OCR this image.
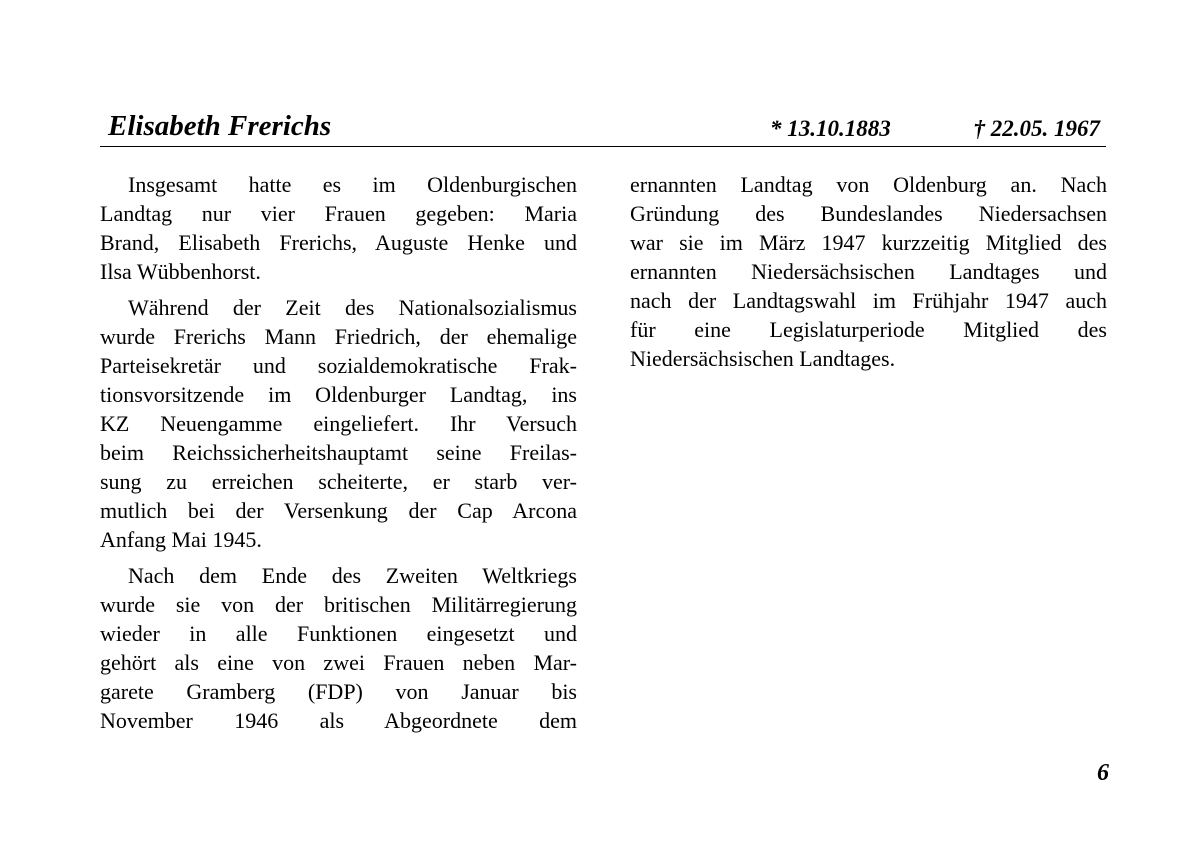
Elisabeth Frerichs	* 13.10.1883	† 22.05. 1967
Insgesamt hatte es im Oldenburgischen
Landtag nur vier Frauen gegeben: Maria
Brand, Elisabeth Frerichs, Auguste Henke und
Ilsa Wübbenhorst.
Während der Zeit des Nationalsozialismus
wurde Frerichs Mann Friedrich, der ehemalige
Parteisekretär und sozialdemokratische Frak-
tionsvorsitzende im Oldenburger Landtag, ins
KZ Neuengamme eingeliefert. Ihr Versuch
beim Reichssicherheitshauptamt seine Freilas-
sung zu erreichen scheiterte, er starb ver-
mutlich bei der Versenkung der Cap Arcona
Anfang Mai 1945.
Nach dem Ende des Zweiten Weltkriegs
wurde sie von der britischen Militärregierung
wieder in alle Funktionen eingesetzt und
gehört als eine von zwei Frauen neben Mar-
garete Gramberg (FDP) von Januar bis
November 1946 als Abgeordnete dem
ernannten Landtag von Oldenburg an. Nach
Gründung des Bundeslandes Niedersachsen
war sie im März 1947 kurzzeitig Mitglied des
ernannten Niedersächsischen Landtages und
nach der Landtagswahl im Frühjahr 1947 auch
für eine Legislaturperiode Mitglied des
Niedersächsischen Landtages.
6
